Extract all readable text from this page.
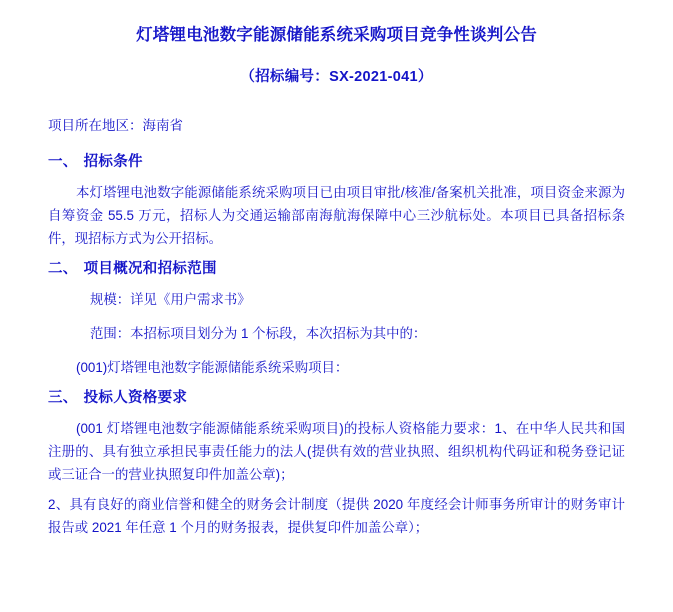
灯塔锂电池数字能源储能系统采购项目竞争性谈判公告
（招标编号：SX-2021-041）

项目所在地区：海南省

一、 招标条件

本灯塔锂电池数字能源储能系统采购项目已由项目审批/核准/备案机关批准，项目资金来源为自筹资金 55.5 万元，招标人为交通运输部南海航海保障中心三沙航标处。本项目已具备招标条件，现招标方式为公开招标。

二、 项目概况和招标范围

规模：详见《用户需求书》

范围：本招标项目划分为 1 个标段，本次招标为其中的：

(001)灯塔锂电池数字能源储能系统采购项目：

三、 投标人资格要求

(001 灯塔锂电池数字能源储能系统采购项目)的投标人资格能力要求：1、在中华人民共和国注册的、具有独立承担民事责任能力的法人(提供有效的营业执照、组织机构代码证和税务登记证或三证合一的营业执照复印件加盖公章)；

2、具有良好的商业信誉和健全的财务会计制度（提供 2020 年度经会计师事务所审计的财务审计报告或 2021 年任意 1 个月的财务报表，提供复印件加盖公章）；
